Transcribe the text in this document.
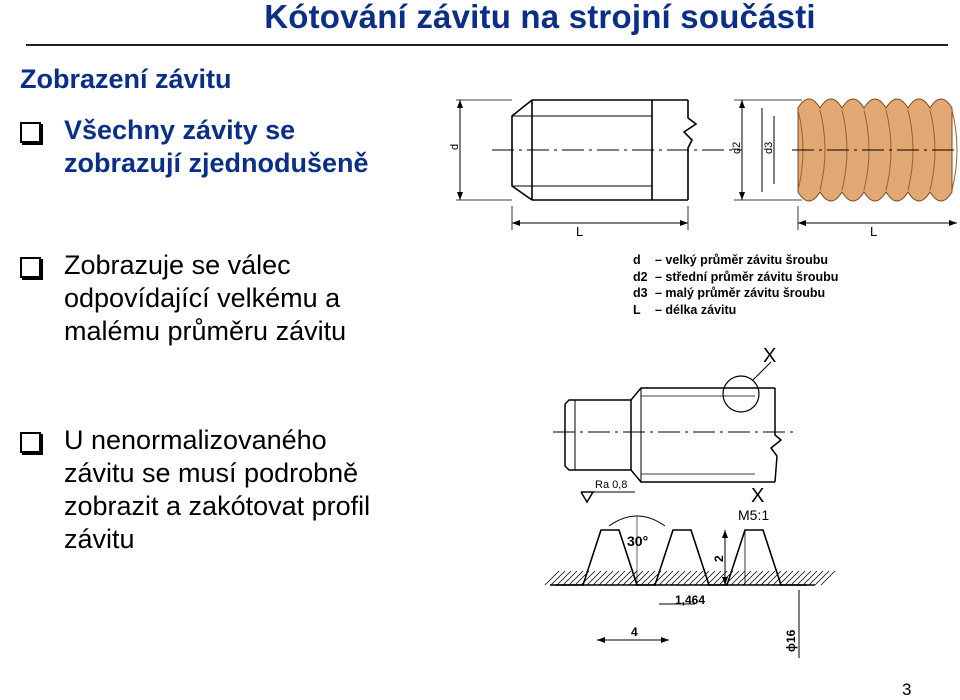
Kótování závitu na strojní součásti
Zobrazení závitu
Všechny závity se
zobrazují zjednodušeně
Zobrazuje se válec
odpovídající velkému a
malému průměru závitu
U nenormalizovaného
závitu se musí podrobně
zobrazit a zakótovat profil
závitu
d	d2 d3
L	L
d – velký průměr závitu šroubu
d2 – střední průměr závitu šroubu
d3 – malý průměr závitu šroubu
L – délka závitu
X
X
M5:1
Ra 0,8
30°
2
1,464
4	ϕ16
3
